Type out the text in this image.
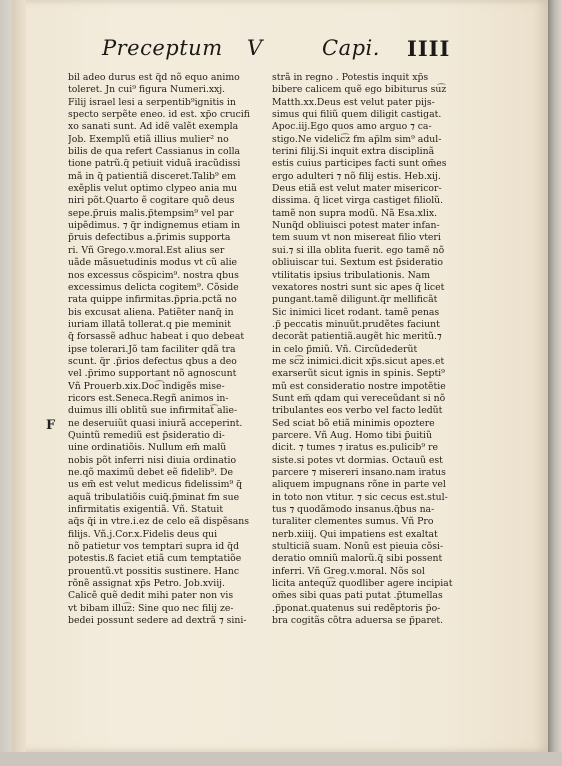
Preceptum V	Capi. IIII
F
bil adeo durus est q̃d nõ equo animo
toleret. Jn cui⁹ figura Numeri.xxj.
Filij israel lesi a serpentib⁹ignitis in
specto serpẽte eneo. id est. xp̃o crucifi
xo sanati sunt. Ad idẽ valẽt exempla
Job. Exemplũ etiã illius mulier² no
bilis de qua refert Cassianus in colla
tione patrũ.q̃ petiuit viduã iracũdissi
mã in q̃ patientiã disceret.Talib⁹ em
exẽplis velut optimo clypeo ania mu
niri põt.Quarto ẽ cogitare quõ deus
sepe.p̃ruis malis.p̃tempsim⁹ vel par
uipẽdimus. ⁊ q̃r indignemus etiam in
p̃ruis defectibus a.p̃rimis supporta
ri. Vñ Grego.v.moral.Est alius ser
uãde mãsuetudinis modus vt cũ alie
nos excessus cõspicim⁹. nostra qbus
excessimus delicta cogitem⁹. Cõside
rata quippe infirmitas.p̃pria.pctã no
bis excusat aliena. Patiẽter nanq̃ in
iuriam illatã tollerat.q pie meminit
q̃ forsassẽ adhuc habeat i quo debeat
ipse tolerari.Jõ tam faciliter qdã tra
scunt. q̃r .p̃rios defectus qbus a deo
vel .p̃rimo supportant nõ agnoscunt
Vñ Prouerb.xix.Doc͡ indigẽs mise-
ricors est.Seneca.Regñ animos in-
duimus illi oblitũ sue infirmitat͡ alie-
ne deseruiũt quasi iniurã acceperint.
Quintũ remediũ est p̃sideratio di-
uine ordinatiõis. Nullum em̃ malũ
nobis põt inferri nisi diuia ordinatio
ne.qõ maximũ debet eẽ fidelib⁹. De
us em̃ est velut medicus fidelissim⁹ q̃
aquã tribulatiõis cuiq̃.p̃minat fm sue
infirmitatis exigentiã. Vñ. Statuit
aq̃s q̃i in vtre.i.ez de celo eã dispẽsans
filijs. Vñ.j.Cor.x.Fidelis deus qui
nõ patietur vos temptari supra id q̃d
potestis.ß faciet etiã cum temptatiõe
prouentũ.vt possitis sustinere. Hanc
rõnẽ assignat xp̃s Petro. Job.xviij.
Calicẽ quẽ dedit mihi pater non vis
vt bibam illu͡z: Sine quo nec filij ze-
bedei possunt sedere ad dextrã ⁊ sini-
strã in regno . Potestis inquit xp̃s
bibere calicem quẽ ego bibiturus su͡z
Matth.xx.Deus est velut pater pijs-
simus qui filiũ quem diligit castigat.
Apoc.iij.Ego quos amo arguo ⁊ ca-
stigo.Ne videlic͡z fm ap̃lm sim⁹ adul-
terini filij.Si inquit extra disciplinã
estis cuius participes facti sunt om̃es
ergo adulteri ⁊ nõ filij estis. Heb.xij.
Deus etiã est velut mater misericor-
dissima. q̃ licet virga castiget filiolũ.
tamẽ non supra modũ. Nã Esa.xlix.
Nunq̃d obliuisci potest mater infan-
tem suum vt non misereat filio vteri
sui.⁊ si illa oblita fuerit. ego tamẽ nõ
obliuiscar tui. Sextum est p̃sideratio
vtilitatis ipsius tribulationis. Nam
vexatores nostri sunt sic apes q̃ licet
pungant.tamẽ diligunt.q̃r mellificãt
Sic inimici licet rodant. tamẽ penas
.p̃ peccatis minuũt.prudẽtes faciunt
decorãt patientiã.augẽt hic meritũ.⁊
in celo p̃miũ. Vñ. Circũdederũt
me sc͡z inimici.dicit xp̃s.sicut apes.et
exarserũt sicut ignis in spinis. Septi⁹
mũ est consideratio nostre impotẽtie
Sunt em̃ qdam qui vereceũdant si nõ
tribulantes eos verbo vel facto ledũt
Sed sciat bõ etiã minimis opoztere
parcere. Vñ Aug. Homo tibi p̃uitiũ
dicit. ⁊ tumes ⁊ iratus es.pulicib⁹ re
siste.si potes vt dormias. Octauũ est
parcere ⁊ misereri insano.nam iratus
aliquem impugnans rõne in parte vel
in toto non vtitur. ⁊ sic cecus est.stul-
tus ⁊ quodãmodo insanus.q̃bus na-
turaliter clementes sumus. Vñ Pro
nerb.xiiij. Qui impatiens est exaltat
stulticiã suam. Nonũ est pieuia cõsi-
deratio omniũ malorũ.q̃ sibi possent
inferri. Vñ Greg.v.moral. Nõs sol
licita antequ͡z quodliber agere incipiat
om̃es sibi quas pati putat .p̃tumellas
.p̃ponat.quatenus sui redẽptoris p̃o-
bra cogitãs cõtra aduersa se p̃paret.
